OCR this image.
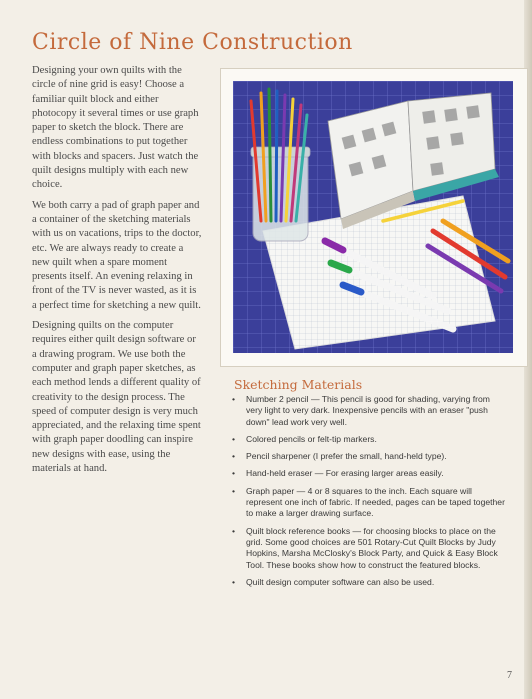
Circle of Nine Construction

Designing your own quilts with the circle of nine grid is easy! Choose a familiar quilt block and either photocopy it several times or use graph paper to sketch the block. There are endless combinations to put together with blocks and spacers. Just watch the quilt designs multiply with each new choice.

We both carry a pad of graph paper and a container of the sketching materials with us on vacations, trips to the doctor, etc. We are always ready to create a new quilt when a spare moment presents itself. An evening relaxing in front of the TV is never wasted, as it is a perfect time for sketching a new quilt.

Designing quilts on the computer requires either quilt design software or a drawing program. We use both the computer and graph paper sketches, as each method lends a different quality of creativity to the design process. The speed of computer design is very much appreciated, and the relaxing time spent with graph paper doodling can inspire new designs with ease, using the materials at hand.

Sketching Materials
• Number 2 pencil — This pencil is good for shading, varying from very light to very dark. Inexpensive pencils with an eraser "push down" lead work very well.
• Colored pencils or felt-tip markers.
• Pencil sharpener (I prefer the small, hand-held type).
• Hand-held eraser — For erasing larger areas easily.
• Graph paper — 4 or 8 squares to the inch. Each square will represent one inch of fabric. If needed, pages can be taped together to make a larger drawing surface.
• Quilt block reference books — for choosing blocks to place on the grid. Some good choices are 501 Rotary-Cut Quilt Blocks by Judy Hopkins, Marsha McClosky's Block Party, and Quick & Easy Block Tool. These books show how to construct the featured blocks.
• Quilt design computer software can also be used.
7
